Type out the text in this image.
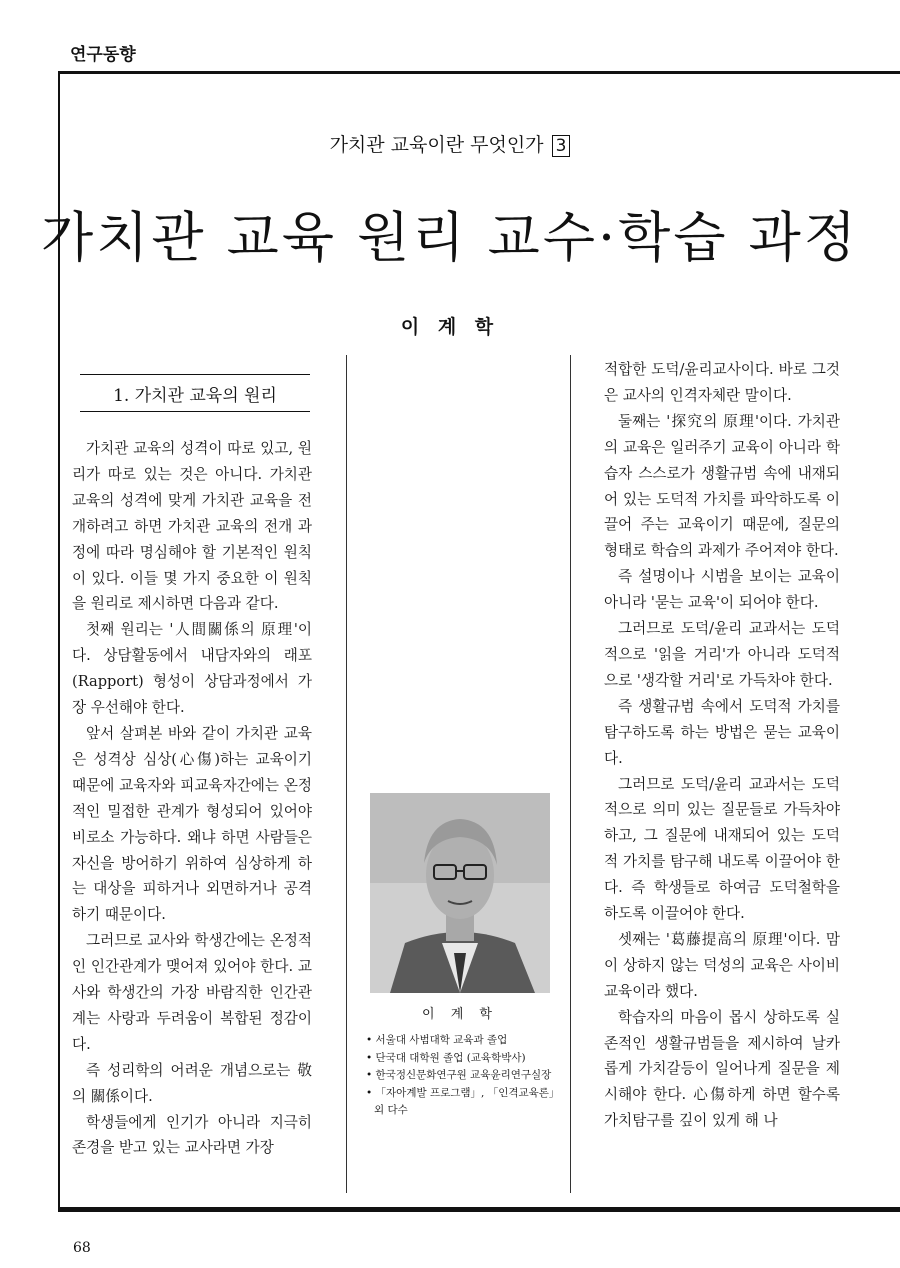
연구동향
가치관 교육이란 무엇인가 3
가치관 교육 원리 교수·학습 과정
이 계 학
1. 가치관 교육의 원리

가치관 교육의 성격이 따로 있고, 원리가 따로 있는 것은 아니다. 가치관 교육의 성격에 맞게 가치관 교육을 전개하려고 하면 가치관 교육의 전개 과정에 따라 명심해야 할 기본적인 원칙이 있다. 이들 몇 가지 중요한 이 원칙을 원리로 제시하면 다음과 같다.

첫째 원리는 '人間關係의 原理'이다. 상담활동에서 내담자와의 래포(Rapport) 형성이 상담과정에서 가장 우선해야 한다.

앞서 살펴본 바와 같이 가치관 교육은 성격상 심상(心傷)하는 교육이기 때문에 교육자와 피교육자간에는 온정적인 밀접한 관계가 형성되어 있어야 비로소 가능하다. 왜냐 하면 사람들은 자신을 방어하기 위하여 심상하게 하는 대상을 피하거나 외면하거나 공격하기 때문이다.

그러므로 교사와 학생간에는 온정적인 인간관계가 맺어져 있어야 한다. 교사와 학생간의 가장 바람직한 인간관계는 사랑과 두려움이 복합된 정감이다.

즉 성리학의 어려운 개념으로는 敬의 關係이다.

학생들에게 인기가 아니라 지극히 존경을 받고 있는 교사라면 가장

이 계 학
• 서울대 사범대학 교육과 졸업
• 단국대 대학원 졸업 (교육학박사)
• 한국정신문화연구원 교육윤리연구실장
• 「자아계발 프로그램」, 「인격교육론」외 다수

적합한 도덕/윤리교사이다. 바로 그것은 교사의 인격자체란 말이다.

둘째는 '探究의 原理'이다. 가치관의 교육은 일러주기 교육이 아니라 학습자 스스로가 생활규범 속에 내재되어 있는 도덕적 가치를 파악하도록 이끌어 주는 교육이기 때문에, 질문의 형태로 학습의 과제가 주어져야 한다.

즉 설명이나 시범을 보이는 교육이 아니라 '묻는 교육'이 되어야 한다.

그러므로 도덕/윤리 교과서는 도덕적으로 '읽을 거리'가 아니라 도덕적으로 '생각할 거리'로 가득차야 한다.

즉 생활규범 속에서 도덕적 가치를 탐구하도록 하는 방법은 묻는 교육이다.

그러므로 도덕/윤리 교과서는 도덕적으로 의미 있는 질문들로 가득차야 하고, 그 질문에 내재되어 있는 도덕적 가치를 탐구해 내도록 이끌어야 한다. 즉 학생들로 하여금 도덕철학을 하도록 이끌어야 한다.

셋째는 '葛藤提高의 原理'이다. 맘이 상하지 않는 덕성의 교육은 사이비 교육이라 했다.

학습자의 마음이 몹시 상하도록 실존적인 생활규범들을 제시하여 날카롭게 가치갈등이 일어나게 질문을 제시해야 한다. 心傷하게 하면 할수록 가치탐구를 깊이 있게 해 나

68
